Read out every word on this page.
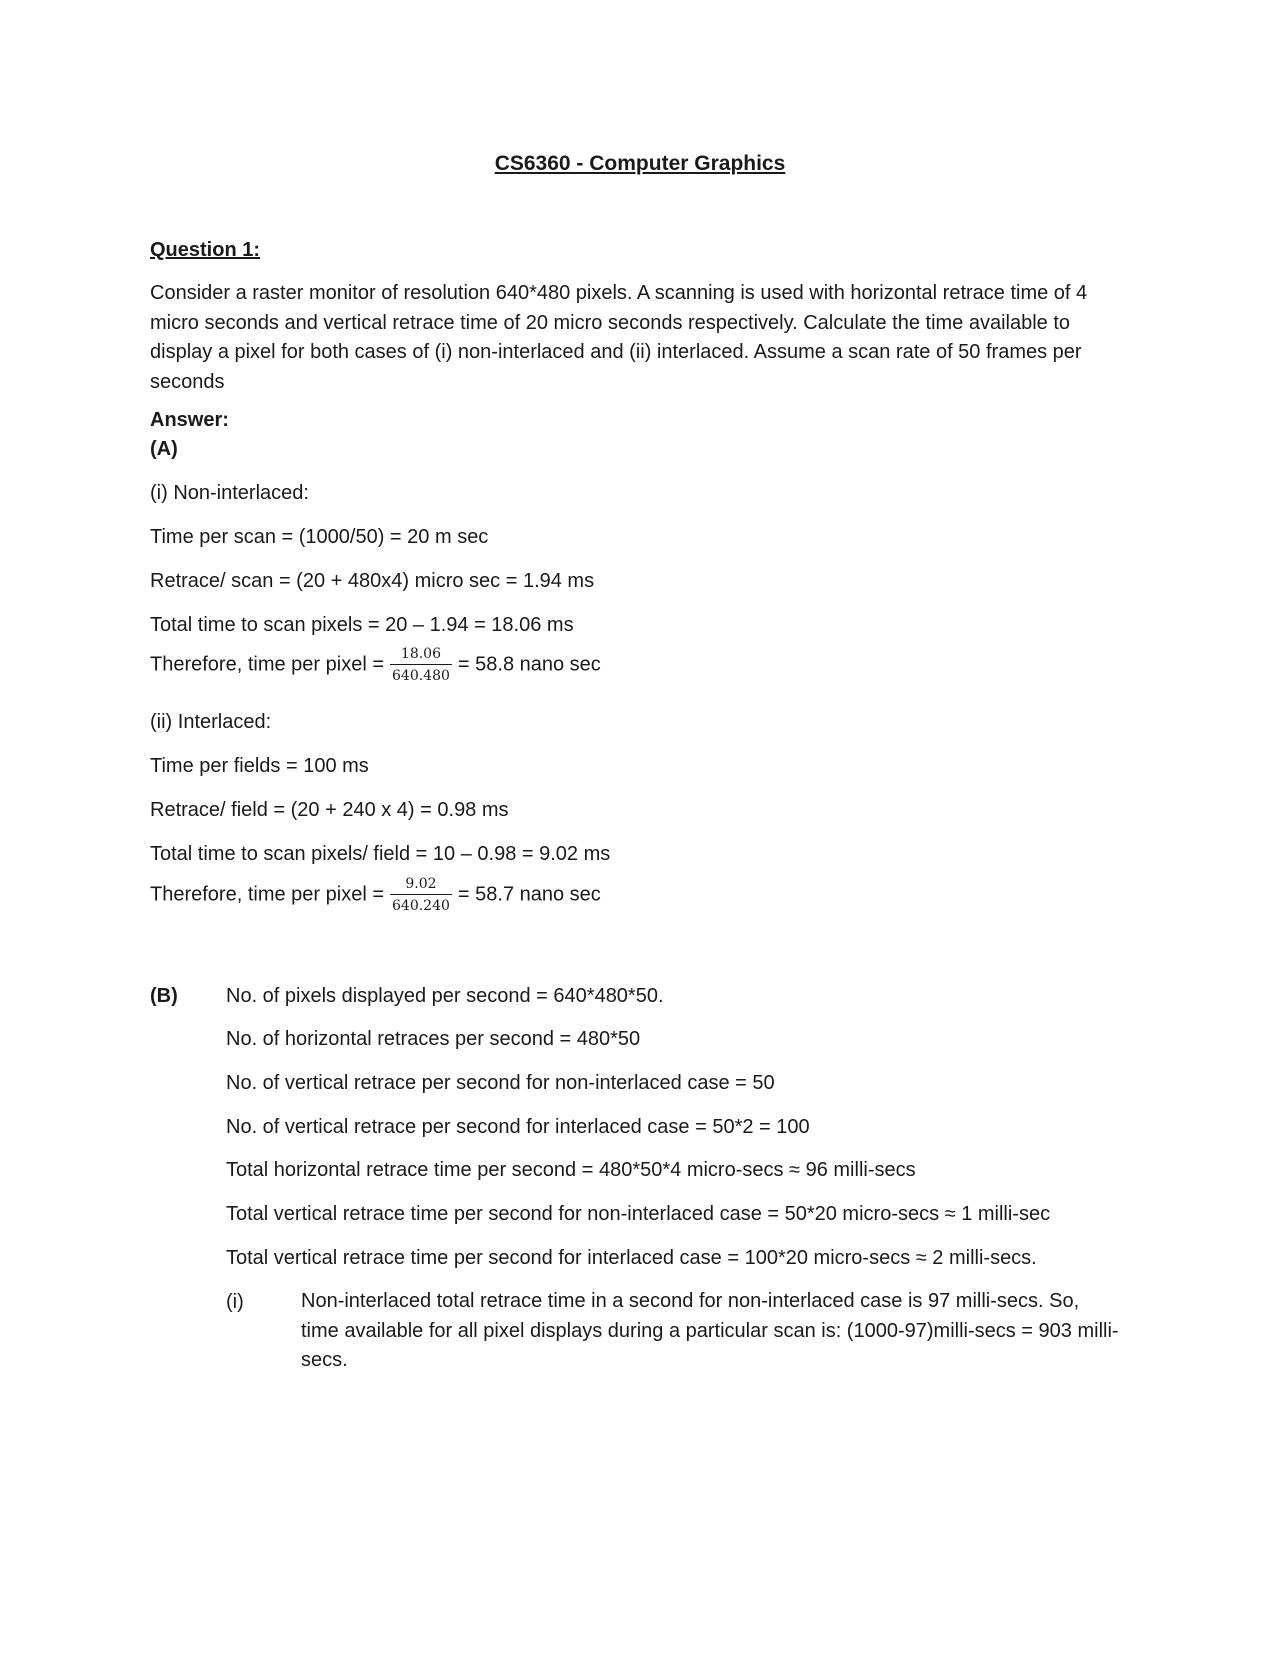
CS6360 - Computer Graphics
Question 1:
Consider a raster monitor of resolution 640*480 pixels. A scanning is used with horizontal retrace time of 4 micro seconds and vertical retrace time of 20 micro seconds respectively. Calculate the time available to display a pixel for both cases of (i) non-interlaced and (ii) interlaced. Assume a scan rate of 50 frames per seconds
Answer:
(A)
(i) Non-interlaced:
Time per scan = (1000/50) = 20 m sec
Retrace/ scan = (20 + 480x4) micro sec = 1.94 ms
Total time to scan pixels = 20 – 1.94 = 18.06 ms
Therefore, time per pixel = $\frac{18.06}{640.480} = 58.8$ nano sec
(ii) Interlaced:
Time per fields = 100 ms
Retrace/ field = (20 + 240 x 4) = 0.98 ms
Total time to scan pixels/ field = 10 – 0.98 = 9.02 ms
Therefore, time per pixel = $\frac{9.02}{640.240} = 58.7$ nano sec
(B) No. of pixels displayed per second = 640*480*50.
No. of horizontal retraces per second = 480*50
No. of vertical retrace per second for non-interlaced case = 50
No. of vertical retrace per second for interlaced case = 50*2 = 100
Total horizontal retrace time per second = 480*50*4 micro-secs ≈ 96 milli-secs
Total vertical retrace time per second for non-interlaced case = 50*20 micro-secs ≈ 1 milli-sec
Total vertical retrace time per second for interlaced case = 100*20 micro-secs ≈ 2 milli-secs.
(i)	Non-interlaced total retrace time in a second for non-interlaced case is 97 milli-secs. So, time available for all pixel displays during a particular scan is: (1000-97)milli-secs = 903 milli-secs.
